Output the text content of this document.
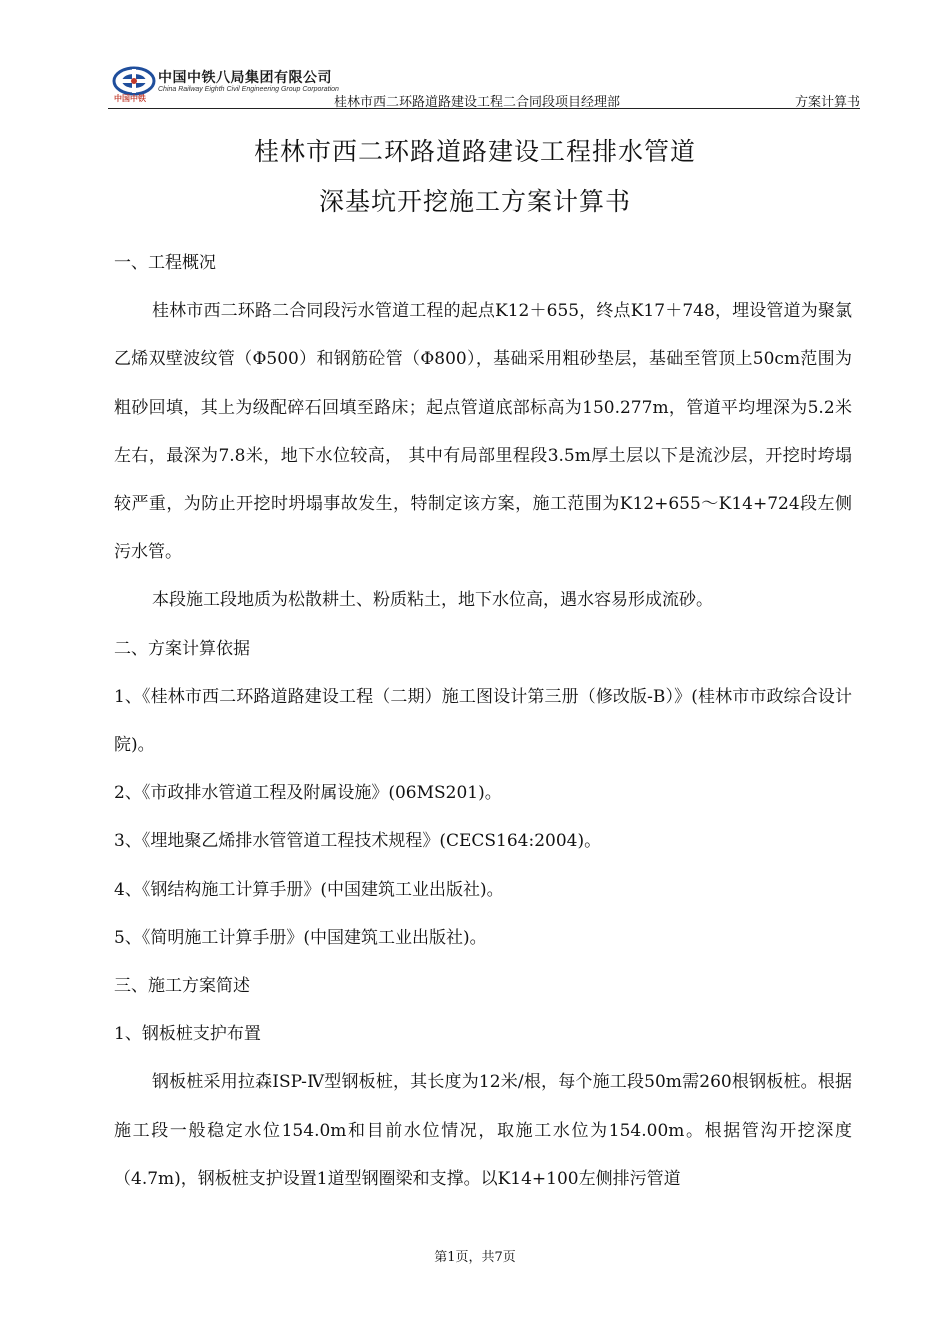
中国中铁八局集团有限公司
China Railway Eighth Civil Engineering Group Corporation
中国中铁	桂林市西二环路道路建设工程二合同段项目经理部	方案计算书
桂林市西二环路道路建设工程排水管道
深基坑开挖施工方案计算书

一、工程概况

桂林市西二环路二合同段污水管道工程的起点K12＋655，终点K17＋748，埋设管道为聚氯乙烯双壁波纹管（Φ500）和钢筋砼管（Φ800），基础采用粗砂垫层，基础至管顶上50cm范围为粗砂回填，其上为级配碎石回填至路床；起点管道底部标高为150.277m，管道平均埋深为5.2米左右，最深为7.8米，地下水位较高， 其中有局部里程段3.5m厚土层以下是流沙层，开挖时垮塌较严重，为防止开挖时坍塌事故发生，特制定该方案，施工范围为K12+655～K14+724段左侧污水管。

本段施工段地质为松散耕土、粉质粘土，地下水位高，遇水容易形成流砂。

二、方案计算依据

1、《桂林市西二环路道路建设工程（二期）施工图设计第三册（修改版-B）》(桂林市市政综合设计院)。

2、《市政排水管道工程及附属设施》(06MS201)。

3、《埋地聚乙烯排水管管道工程技术规程》(CECS164:2004)。

4、《钢结构施工计算手册》(中国建筑工业出版社)。

5、《简明施工计算手册》(中国建筑工业出版社)。

三、施工方案简述

1、钢板桩支护布置

钢板桩采用拉森ISP-Ⅳ型钢板桩，其长度为12米/根，每个施工段50m需260根钢板桩。根据施工段一般稳定水位154.0m和目前水位情况，取施工水位为154.00m。根据管沟开挖深度（4.7m)，钢板桩支护设置1道型钢圈梁和支撑。以K14+100左侧排污管道

第1页，共7页
